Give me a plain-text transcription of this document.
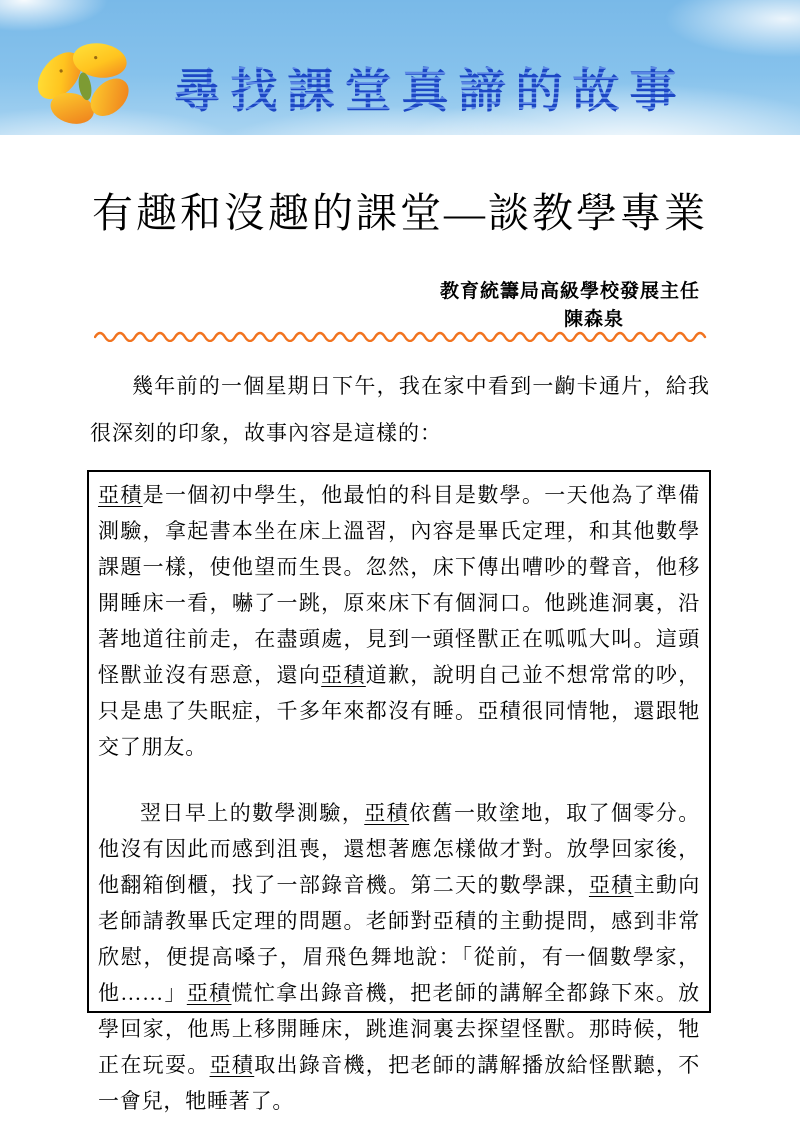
尋找課堂真諦的故事
有趣和沒趣的課堂—談教學專業
教育統籌局高級學校發展主任
陳森泉

幾年前的一個星期日下午，我在家中看到一齣卡通片，給我很深刻的印象，故事內容是這樣的：

亞積是一個初中學生，他最怕的科目是數學。一天他為了準備測驗，拿起書本坐在床上溫習，內容是畢氏定理，和其他數學課題一樣，使他望而生畏。忽然，床下傳出嘈吵的聲音，他移開睡床一看，嚇了一跳，原來床下有個洞口。他跳進洞裏，沿著地道往前走，在盡頭處，見到一頭怪獸正在呱呱大叫。這頭怪獸並沒有惡意，還向亞積道歉，說明自己並不想常常的吵，只是患了失眠症，千多年來都沒有睡。亞積很同情牠，還跟牠交了朋友。

翌日早上的數學測驗，亞積依舊一敗塗地，取了個零分。他沒有因此而感到沮喪，還想著應怎樣做才對。放學回家後，他翻箱倒櫃，找了一部錄音機。第二天的數學課，亞積主動向老師請教畢氏定理的問題。老師對亞積的主動提問，感到非常欣慰，便提高嗓子，眉飛色舞地說：「從前，有一個數學家，他……」亞積慌忙拿出錄音機，把老師的講解全都錄下來。放學回家，他馬上移開睡床，跳進洞裏去探望怪獸。那時候，牠正在玩耍。亞積取出錄音機，把老師的講解播放給怪獸聽，不一會兒，牠睡著了。
